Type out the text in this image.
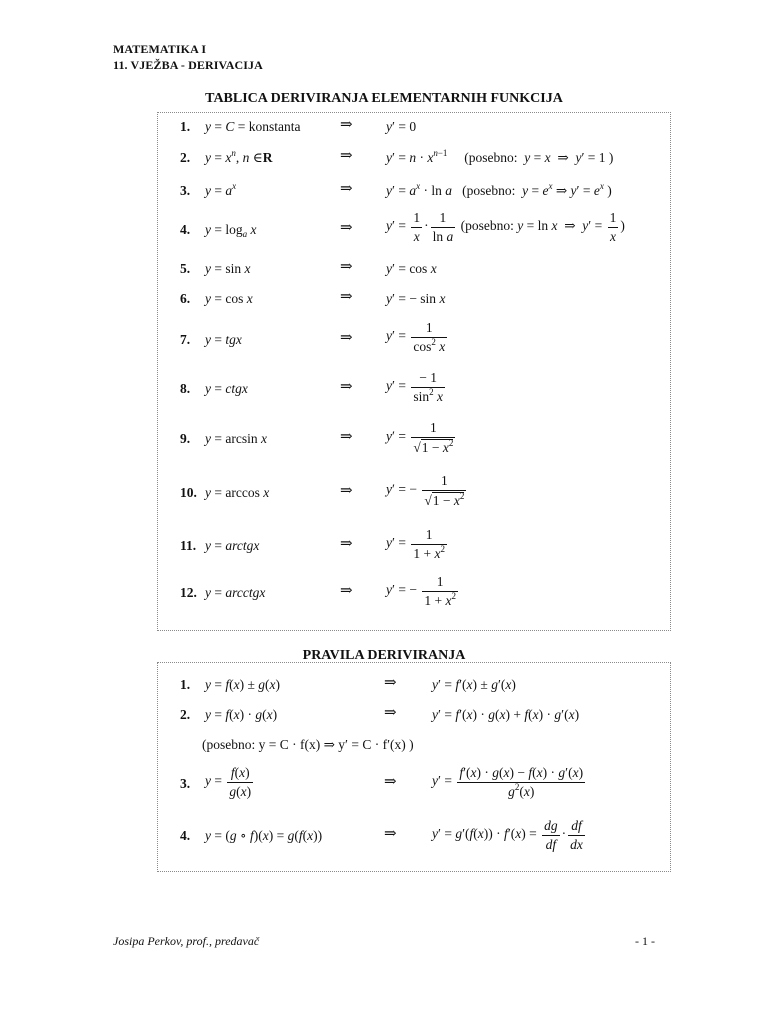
MATEMATIKA I
11. VJEŽBA - DERIVACIJA
TABLICA DERIVIRANJA ELEMENTARNIH FUNKCIJA
1. y = C = konstanta	⇒ y′ = 0
2. $y = x^n$, n ∈R	⇒ $y' = n \cdot x^{n-1}$     (posebno:  y = x  ⇒  y′ = 1 )
3. $y = a^x$	⇒ $y' = a^x \cdot \ln a$   (posebno:  $y = e^x$ ⇒ $y' = e^x$ )
4. $y = \log_a x$	⇒ $y' = \frac{1}{x} \cdot \frac{1}{\text{ln a}}$ (posebno: y = ln x  ⇒  $y' = \frac{1}{x}$ )
5. y = sin x	⇒ y′ = cos x
6. y = cos x	⇒ y′ = − sin x
7. y = tgx	⇒ $y' = \frac{1}{\cos^2 x}$
8. y = ctgx	⇒ $y' = \frac{- 1}{\sin^2 x}$
9. y = arcsin x	⇒ $y' = \frac{1}{√1 - x^2}$
10. y = arccos x	⇒ y′ = − $\frac{1}{√1 - x^2}$
11. y = arctgx	⇒ $y' = \frac{1}{1 + x^2}$
12. y = arcctgx	⇒ y′ = − $\frac{1}{1 + x^2}$
PRAVILA DERIVIRANJA
1. y = f(x) ± g(x)	⇒	y′ = f′(x) ± g′(x)
2. y = f(x) · g(x)	⇒	y′ = f′(x) · g(x) + f(x) · g′(x)
(posebno: y = C · f(x) ⇒ y′ = C · f′(x) )
3. $y = \frac{f(x)}{g(x)}$	⇒	$y' = \frac{f'(x) \cdot g(x) - f(x) \cdot g'(x)}{g^2(x)}$
4. y = (g ∘ f)(x) = g(f(x))	⇒	$y' = g'(f(x)) \cdot f'(x) = \frac{dg}{df} \cdot \frac{df}{dx}$
Josipa Perkov, prof., predavač	- 1 -
